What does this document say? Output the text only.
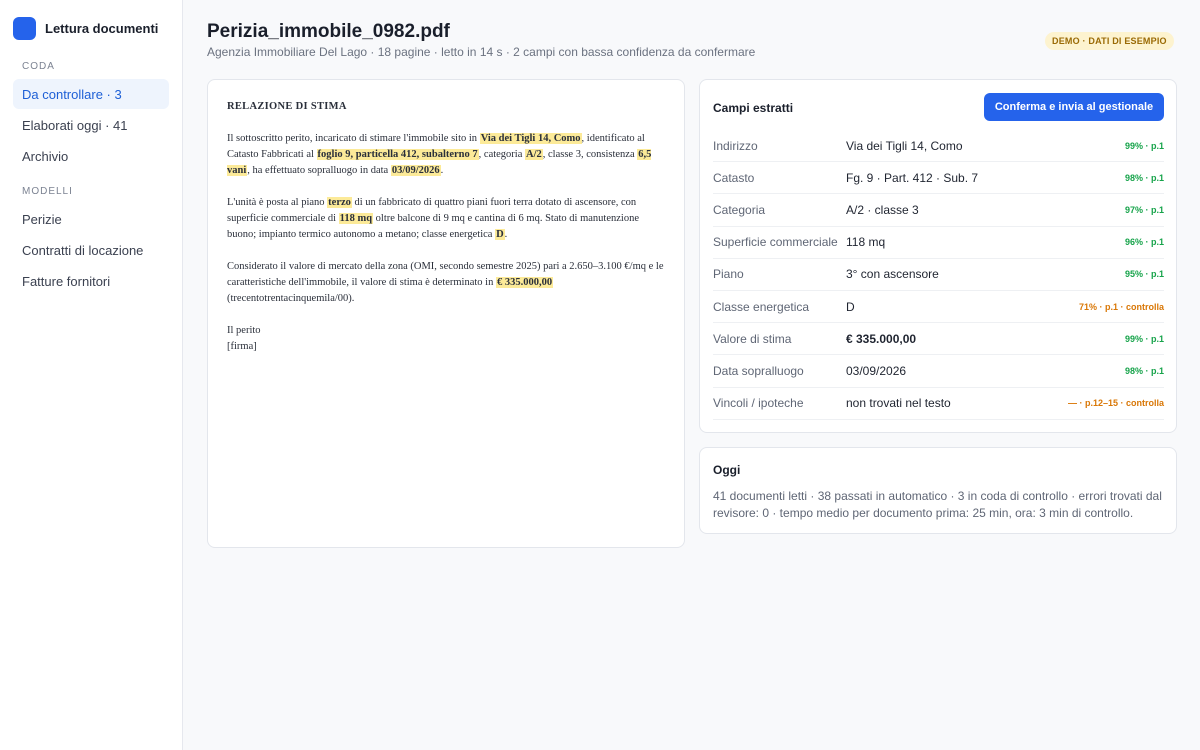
Lettura documenti
CODA
Da controllare · 3
Elaborati oggi · 41
Archivio
MODELLI
Perizie
Contratti di locazione
Fatture fornitori
Perizia_immobile_0982.pdf
Agenzia Immobiliare Del Lago · 18 pagine · letto in 14 s · 2 campi con bassa confidenza da confermare
DEMO · DATI DI ESEMPIO
RELAZIONE DI STIMA

Il sottoscritto perito, incaricato di stimare l'immobile sito in Via dei Tigli 14, Como, identificato al Catasto Fabbricati al foglio 9, particella 412, subalterno 7, categoria A/2, classe 3, consistenza 6,5 vani, ha effettuato sopralluogo in data 03/09/2026.

L'unità è posta al piano terzo di un fabbricato di quattro piani fuori terra dotato di ascensore, con superficie commerciale di 118 mq oltre balcone di 9 mq e cantina di 6 mq. Stato di manutenzione buono; impianto termico autonomo a metano; classe energetica D.

Considerato il valore di mercato della zona (OMI, secondo semestre 2025) pari a 2.650–3.100 €/mq e le caratteristiche dell'immobile, il valore di stima è determinato in € 335.000,00 (trecentotrentacinquemila/00).

Il perito
[firma]
Campi estratti	Conferma e invia al gestionale
Indirizzo	Via dei Tigli 14, Como	99% · p.1
Catasto	Fg. 9 · Part. 412 · Sub. 7	98% · p.1
Categoria	A/2 · classe 3	97% · p.1
Superficie commerciale 118 mq	96% · p.1
Piano	3° con ascensore	95% · p.1
Classe energetica	D	71% · p.1 · controlla
Valore di stima	€ 335.000,00	99% · p.1
Data sopralluogo	03/09/2026	98% · p.1
Vincoli / ipoteche	non trovati nel testo	— · p.12–15 · controlla
Oggi
41 documenti letti · 38 passati in automatico · 3 in coda di controllo · errori trovati dal revisore: 0 · tempo medio per documento prima: 25 min, ora: 3 min di controllo.
